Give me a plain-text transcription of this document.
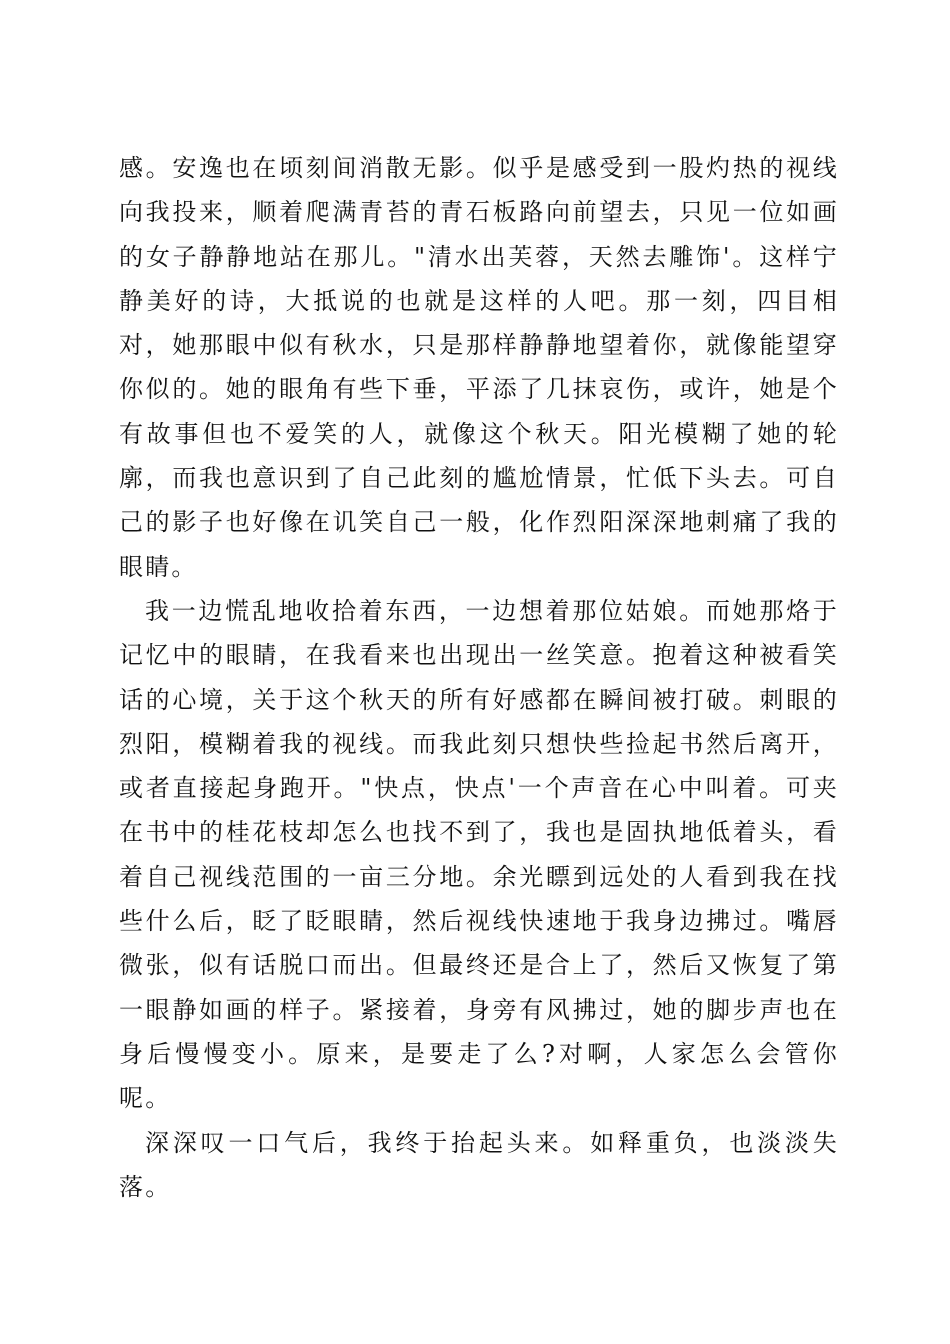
感。安逸也在顷刻间消散无影。似乎是感受到一股灼热的视线向我投来，顺着爬满青苔的青石板路向前望去，只见一位如画的女子静静地站在那儿。"清水出芙蓉，天然去雕饰'。这样宁静美好的诗，大抵说的也就是这样的人吧。那一刻，四目相对，她那眼中似有秋水，只是那样静静地望着你，就像能望穿你似的。她的眼角有些下垂，平添了几抹哀伤，或许，她是个有故事但也不爱笑的人，就像这个秋天。阳光模糊了她的轮廓，而我也意识到了自己此刻的尴尬情景，忙低下头去。可自己的影子也好像在讥笑自己一般，化作烈阳深深地刺痛了我的眼睛。

我一边慌乱地收拾着东西，一边想着那位姑娘。而她那烙于记忆中的眼睛，在我看来也出现出一丝笑意。抱着这种被看笑话的心境，关于这个秋天的所有好感都在瞬间被打破。刺眼的烈阳，模糊着我的视线。而我此刻只想快些捡起书然后离开，或者直接起身跑开。"快点，快点'一个声音在心中叫着。可夹在书中的桂花枝却怎么也找不到了，我也是固执地低着头，看着自己视线范围的一亩三分地。余光瞟到远处的人看到我在找些什么后，眨了眨眼睛，然后视线快速地于我身边拂过。嘴唇微张，似有话脱口而出。但最终还是合上了，然后又恢复了第一眼静如画的样子。紧接着，身旁有风拂过，她的脚步声也在身后慢慢变小。原来，是要走了么?对啊，人家怎么会管你呢。

深深叹一口气后，我终于抬起头来。如释重负，也淡淡失落。
